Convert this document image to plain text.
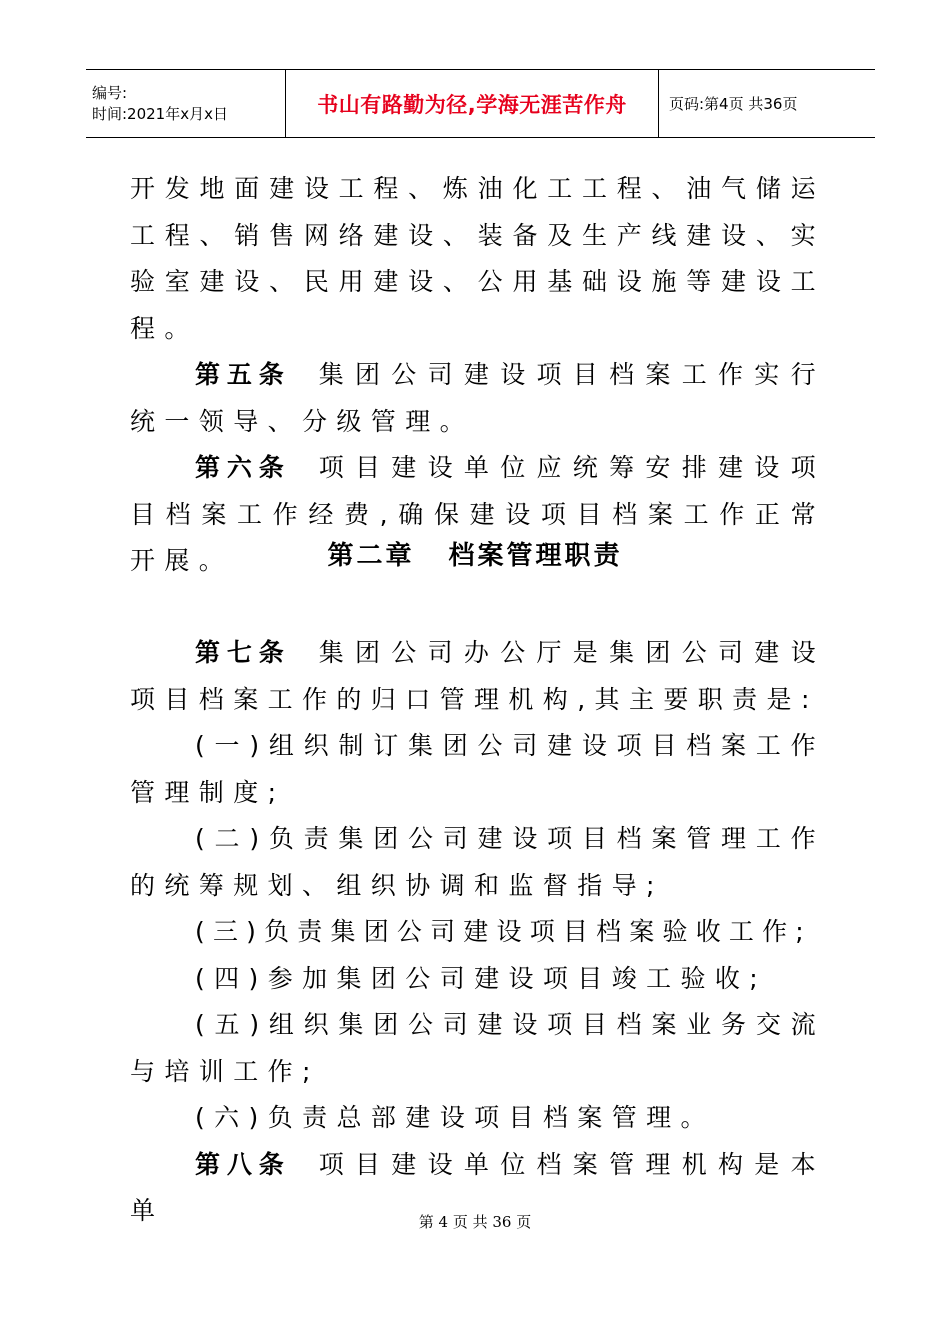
编号:
时间:2021年x月x日	书山有路勤为径,学海无涯苦作舟	页码:第4页 共36页

开发地面建设工程、炼油化工工程、油气储运工程、销售网络建设、装备及生产线建设、实验室建设、民用建设、公用基础设施等建设工程。

第五条 集团公司建设项目档案工作实行统一领导、分级管理。

第六条 项目建设单位应统筹安排建设项目档案工作经费,确保建设项目档案工作正常开展。	第二章 档案管理职责

第七条 集团公司办公厅是集团公司建设项目档案工作的归口管理机构,其主要职责是:

(一)组织制订集团公司建设项目档案工作管理制度;

(二)负责集团公司建设项目档案管理工作的统筹规划、组织协调和监督指导;

(三)负责集团公司建设项目档案验收工作;

(四)参加集团公司建设项目竣工验收;

(五)组织集团公司建设项目档案业务交流与培训工作;

(六)负责总部建设项目档案管理。

第八条 项目建设单位档案管理机构是本单	第 4 页 共 36 页
